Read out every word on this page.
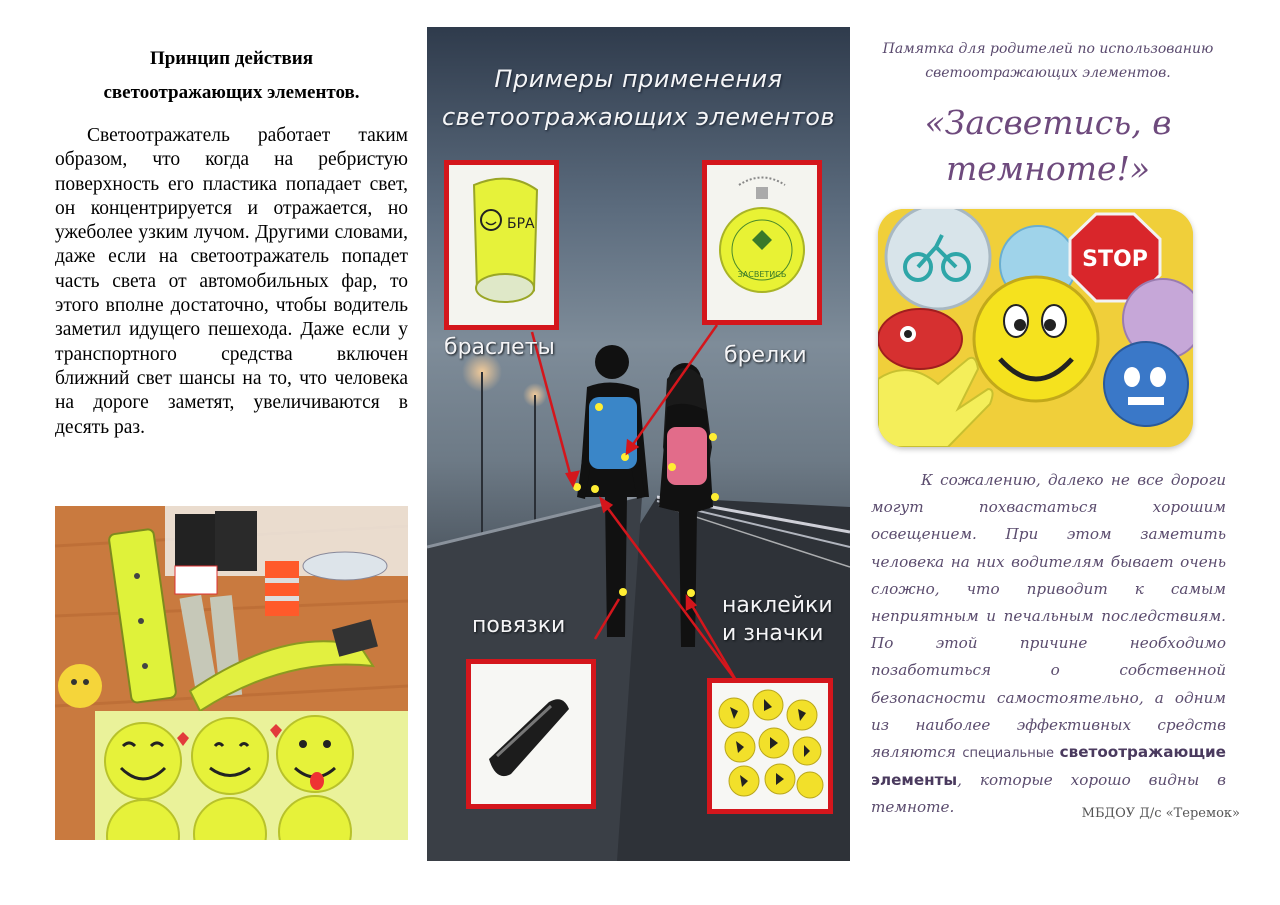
Принцип действия
светоотражающих элементов.

Светоотражатель работает таким образом, что когда на ребристую поверхность его пластика попадает свет, он концентрируется и отражается, но ужеболее узким лучом. Другими словами, даже если на светоотражатель попадет часть света от автомобильных фар, то этого вполне достаточно, чтобы водитель заметил идущего пешехода. Даже если у транспортного средства включен ближний свет шансы на то, что человека на дороге заметят, увеличиваются в десять раз.

Примеры применения
светоотражающих элементов
БРА
браслеты
ЗАСВЕТИСЬ
брелки
повязки
наклейки
и значки
Памятка для родителей по использованию
светоотражающих элементов.
«Засветись, в
темноте!»
STOP

К сожалению, далеко не все дороги могут похвастаться хорошим освещением. При этом заметить человека на них водителям бывает очень сложно, что приводит к самым неприятным и печальным последствиям. По этой причине необходимо позаботиться о собственной безопасности самостоятельно, а одним из наиболее эффективных средств являются специальные светоотражающие элементы, которые хорошо видны в темноте.	МБДОУ Д/с «Теремок»
